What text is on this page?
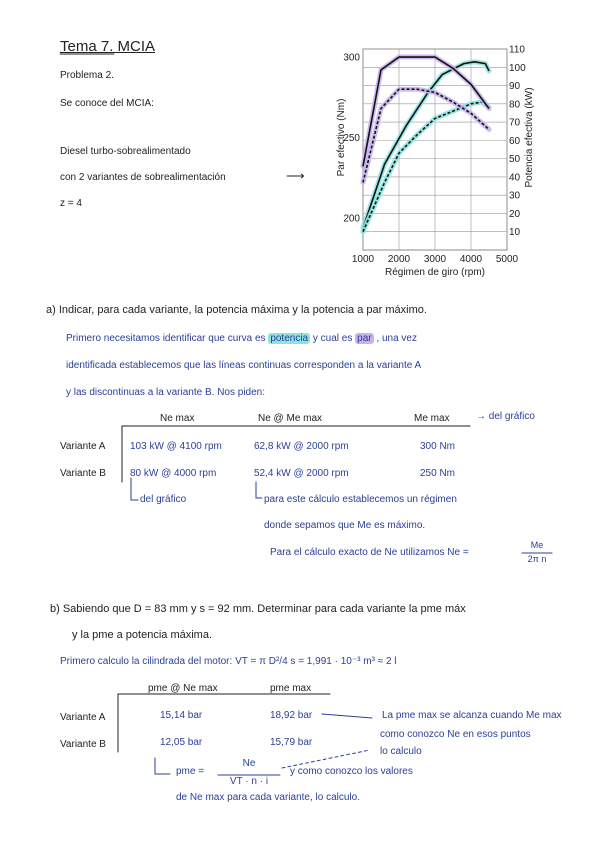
Tema 7. MCIA
Problema 2.
Se conoce del MCIA:
Diesel turbo-sobrealimentado
con 2 variantes de sobrealimentación	⟶
z = 4
1000 2000 3000 4000 5000
10
20
30
40
50
60
70
80
90
100
110
200
250
300
Régimen de giro (rpm)
Par efectivo (Nm)	Potencia efectiva (kW)
a) Indicar, para cada variante, la potencia máxima y la potencia a par máximo.
Primero necesitamos identificar que curva es potencia y cual es par , una vez
identificada establecemos que las líneas continuas corresponden a la variante A
y las discontinuas a la variante B. Nos piden:
Ne max	Ne @ Me max	Me max	→ del gráfico
Variante A 103 kW @ 4100 rpm	62,8 kW @ 2000 rpm	300 Nm
Variante B 80 kW @ 4000 rpm	52,4 kW @ 2000 rpm	250 Nm
del gráfico	para este cálculo establecemos un régimen
donde sepamos que Me es máximo.
Para el cálculo exacto de Ne utilizamos Ne =
Me
2π n
b) Sabiendo que D = 83 mm y s = 92 mm. Determinar para cada variante la pme máx
y la pme a potencia máxima.
Primero calculo la cilindrada del motor: VT = π D²/4 s = 1,991 · 10⁻³ m³ ≈ 2 l
pme @ Ne max	pme max
Variante A	15,14 bar	18,92 bar
Variante B	12,05 bar	15,79 bar
La pme max se alcanza cuando Me max
como conozco Ne en esos puntos
lo calculo
pme =
Ne
VT · n · i
y como conozco los valores
de Ne max para cada variante, lo calculo.
